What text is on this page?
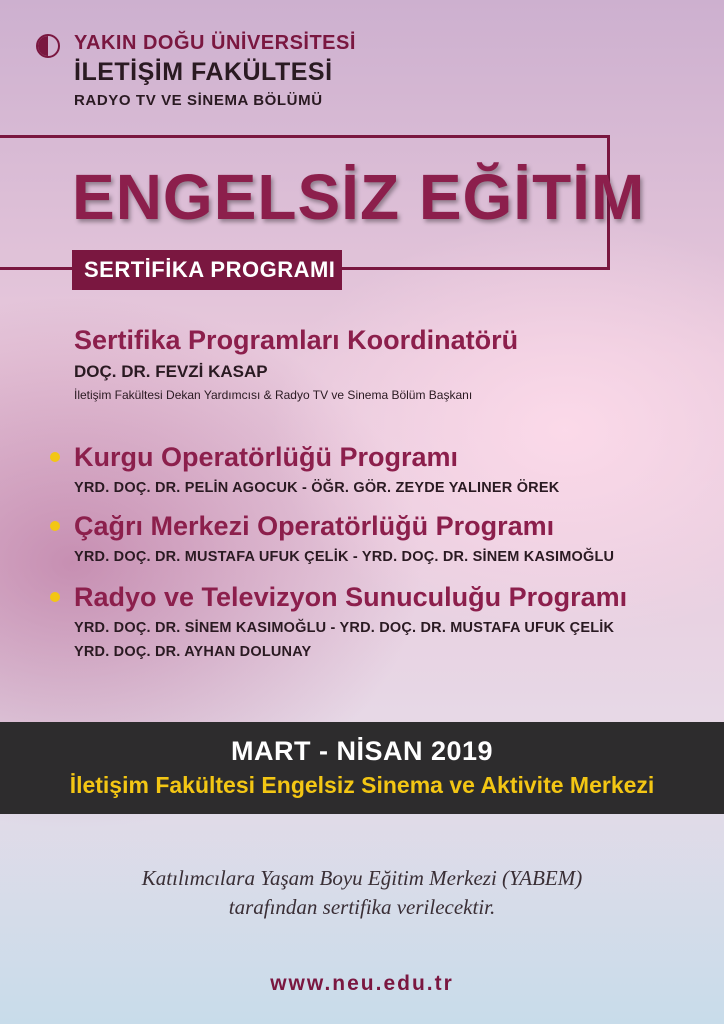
YAKIN DOĞU ÜNİVERSİTESİ
İLETİŞİM FAKÜLTESİ
RADYO TV VE SİNEMA BÖLÜMÜ
ENGELSİZ EĞİTİM
SERTİFİKA PROGRAMI
Sertifika Programları Koordinatörü
DOÇ. DR. FEVZİ KASAP
İletişim Fakültesi Dekan Yardımcısı & Radyo TV ve Sinema Bölüm Başkanı
Kurgu Operatörlüğü Programı
YRD. DOÇ. DR. PELİN AGOCUK - ÖĞR. GÖR. ZEYDE YALINER ÖREK
Çağrı Merkezi Operatörlüğü Programı
YRD. DOÇ. DR. MUSTAFA UFUK ÇELİK - YRD. DOÇ. DR. SİNEM KASIMOĞLU
Radyo ve Televizyon Sunuculuğu Programı
YRD. DOÇ. DR. SİNEM KASIMOĞLU - YRD. DOÇ. DR. MUSTAFA UFUK ÇELİK
YRD. DOÇ. DR. AYHAN DOLUNAY
MART - NİSAN 2019
İletişim Fakültesi Engelsiz Sinema ve Aktivite Merkezi
Katılımcılara Yaşam Boyu Eğitim Merkezi (YABEM)
tarafından sertifika verilecektir.
www.neu.edu.tr
